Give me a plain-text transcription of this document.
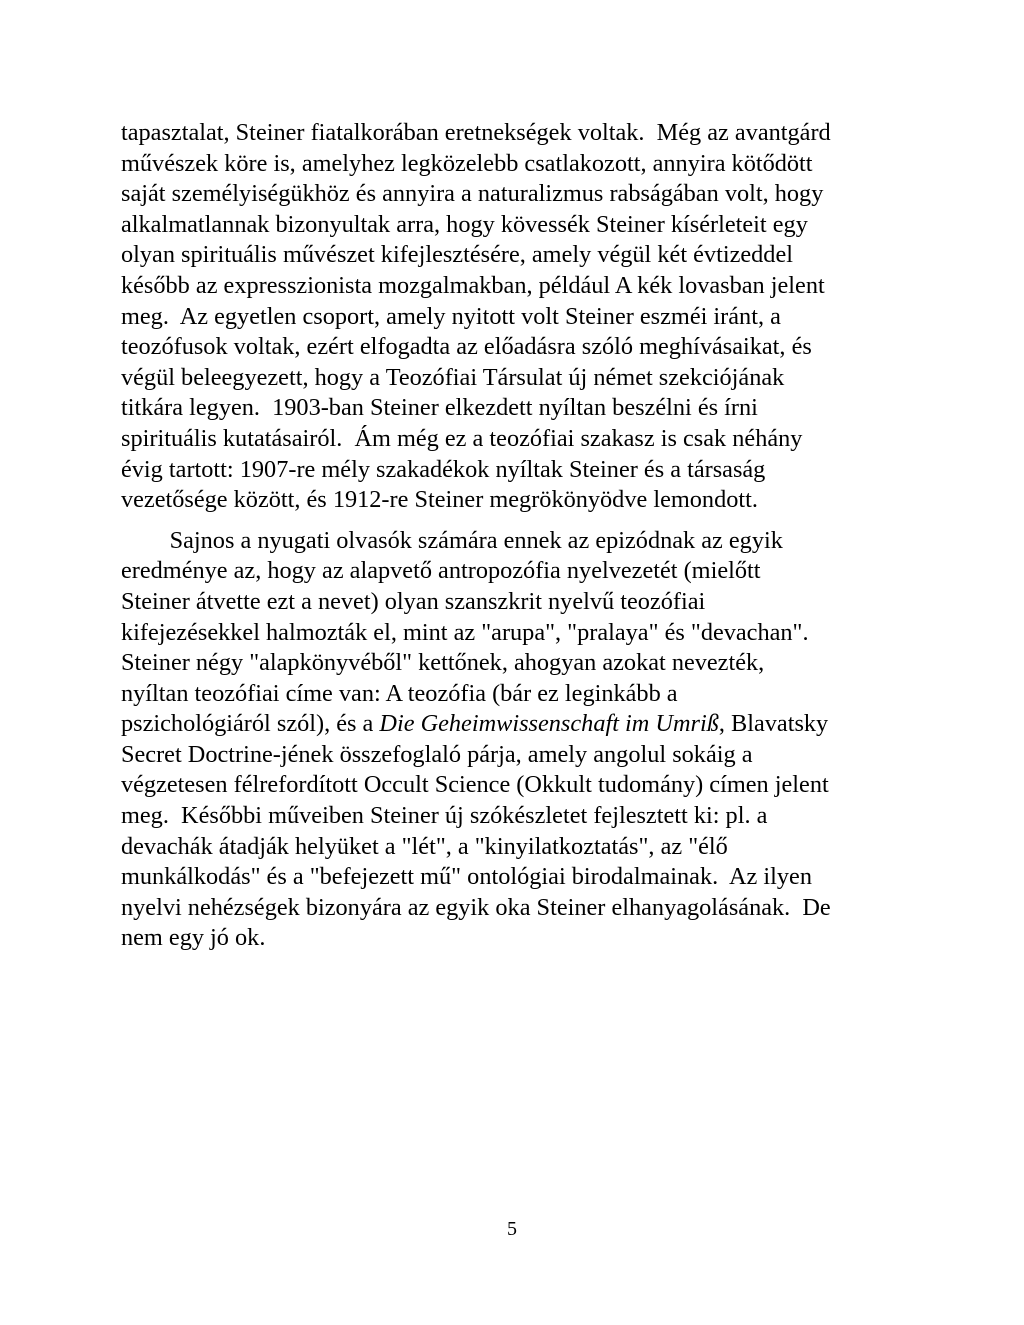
tapasztalat, Steiner fiatalkorában eretnekségek voltak.  Még az avantgárd
művészek köre is, amelyhez legközelebb csatlakozott, annyira kötődött
saját személyiségükhöz és annyira a naturalizmus rabságában volt, hogy
alkalmatlannak bizonyultak arra, hogy kövessék Steiner kísérleteit egy
olyan spirituális művészet kifejlesztésére, amely végül két évtizeddel
később az expresszionista mozgalmakban, például A kék lovasban jelent
meg.  Az egyetlen csoport, amely nyitott volt Steiner eszméi iránt, a
teozófusok voltak, ezért elfogadta az előadásra szóló meghívásaikat, és
végül beleegyezett, hogy a Teozófiai Társulat új német szekciójának
titkára legyen.  1903-ban Steiner elkezdett nyíltan beszélni és írni
spirituális kutatásairól.  Ám még ez a teozófiai szakasz is csak néhány
évig tartott: 1907-re mély szakadékok nyíltak Steiner és a társaság
vezetősége között, és 1912-re Steiner megrökönyödve lemondott.
Sajnos a nyugati olvasók számára ennek az epizódnak az egyik
eredménye az, hogy az alapvető antropozófia nyelvezetét (mielőtt
Steiner átvette ezt a nevet) olyan szanszkrit nyelvű teozófiai
kifejezésekkel halmozták el, mint az "arupa", "pralaya" és "devachan".
Steiner négy "alapkönyvéből" kettőnek, ahogyan azokat nevezték,
nyíltan teozófiai címe van: A teozófia (bár ez leginkább a
pszichológiáról szól), és a Die Geheimwissenschaft im Umriß, Blavatsky
Secret Doctrine-jének összefoglaló párja, amely angolul sokáig a
végzetesen félrefordított Occult Science (Okkult tudomány) címen jelent
meg.  Későbbi műveiben Steiner új szókészletet fejlesztett ki: pl. a
devachák átadják helyüket a "lét", a "kinyilatkoztatás", az "élő
munkálkodás" és a "befejezett mű" ontológiai birodalmainak.  Az ilyen
nyelvi nehézségek bizonyára az egyik oka Steiner elhanyagolásának.  De
nem egy jó ok.
5
